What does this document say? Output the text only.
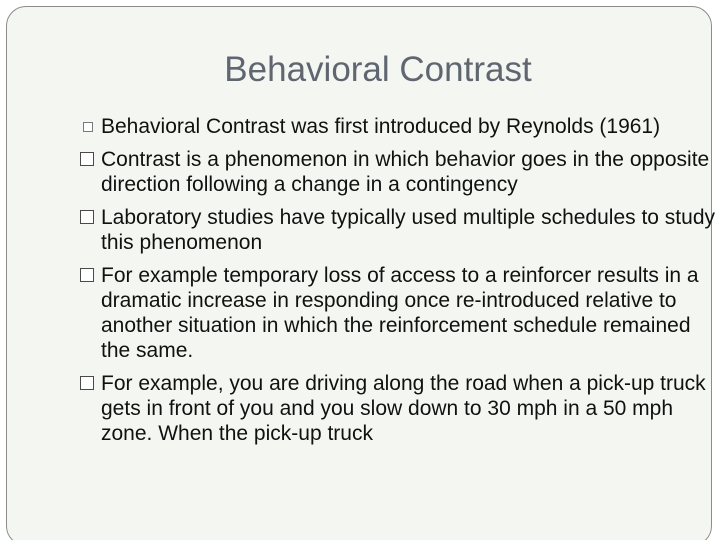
Behavioral Contrast
Behavioral Contrast was first introduced by Reynolds (1961)
Contrast is a phenomenon in which behavior goes in the opposite direction following a change in a contingency
Laboratory studies have typically used multiple schedules to study this phenomenon
For example temporary loss of access to a reinforcer results in a dramatic increase in responding once re-introduced relative to another situation in which the reinforcement schedule remained the same.
For example, you are driving along the road when a pick-up truck gets in front of you and you slow down to 30 mph in a 50 mph zone. When the pick-up truck
